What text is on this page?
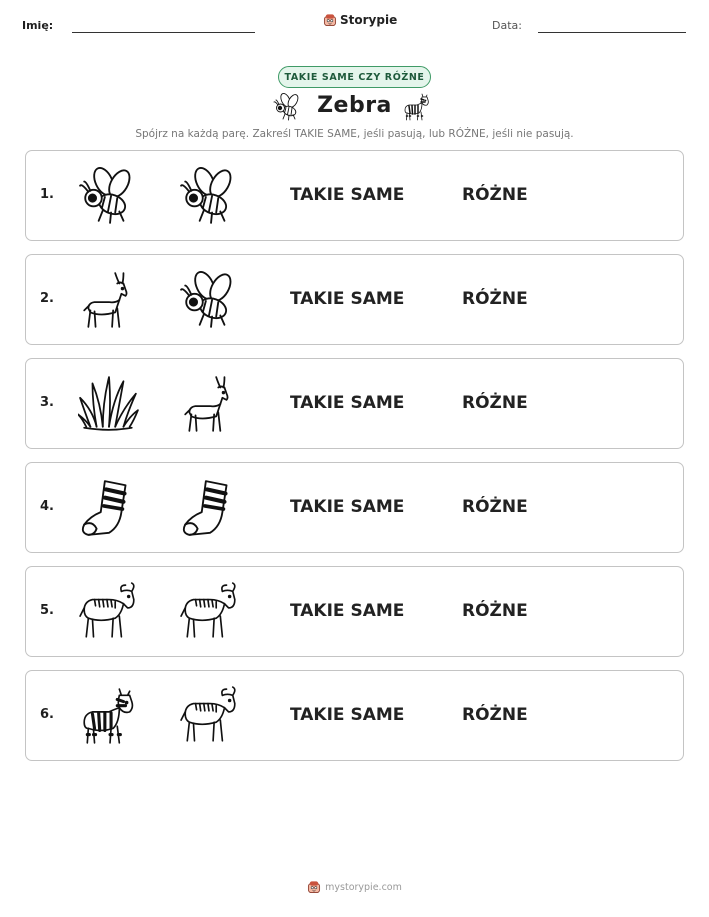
Imię:	Storypie	Data:
TAKIE SAME CZY RÓŻNE
Zebra
Spójrz na każdą parę. Zakreśl TAKIE SAME, jeśli pasują, lub RÓŻNE, jeśli nie pasują.
1.	TAKIE SAME	RÓŻNE
2.	TAKIE SAME	RÓŻNE
3.	TAKIE SAME	RÓŻNE
4.	TAKIE SAME	RÓŻNE
5.	TAKIE SAME	RÓŻNE
6.	TAKIE SAME	RÓŻNE
mystorypie.com
